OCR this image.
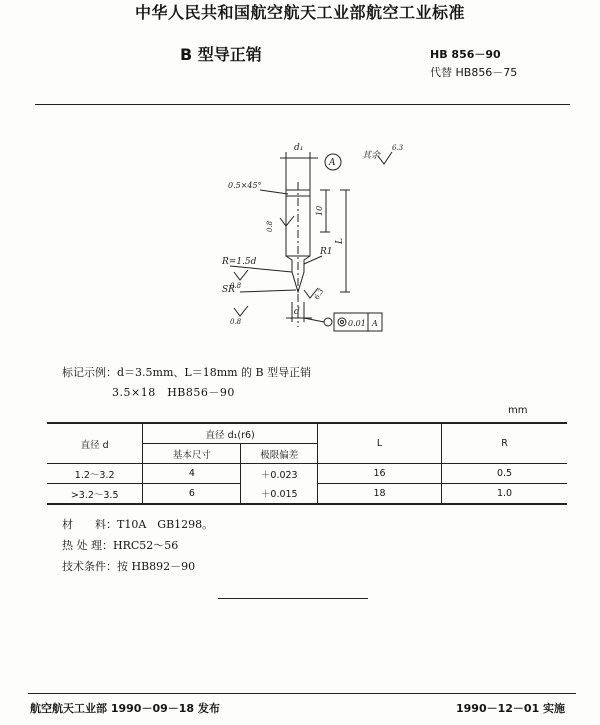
中华人民共和国航空航天工业部航空工业标准
B 型导正销	HB 856－90
代替 HB856－75
d₁
A
其余
6.3
0.5×45°
0.8
10
L
R1
R=1.5d
0.8
SR
0.8
6.3
d
0.01 A
标记示例：d＝3.5mm、L＝18mm 的 B 型导正销
3.5×18　HB856－90
mm
直径 d	直径 d₁(r6)		L	R
	基本尺寸	极限偏差		
1.2～3.2	4	＋0.023	16	0.5
>3.2～3.5	6	＋0.015	18	1.0
材　　料：T10A　GB1298。
热 处 理：HRC52～56
技术条件：按 HB892－90
航空航天工业部 1990－09－18 发布	1990－12－01 实施
